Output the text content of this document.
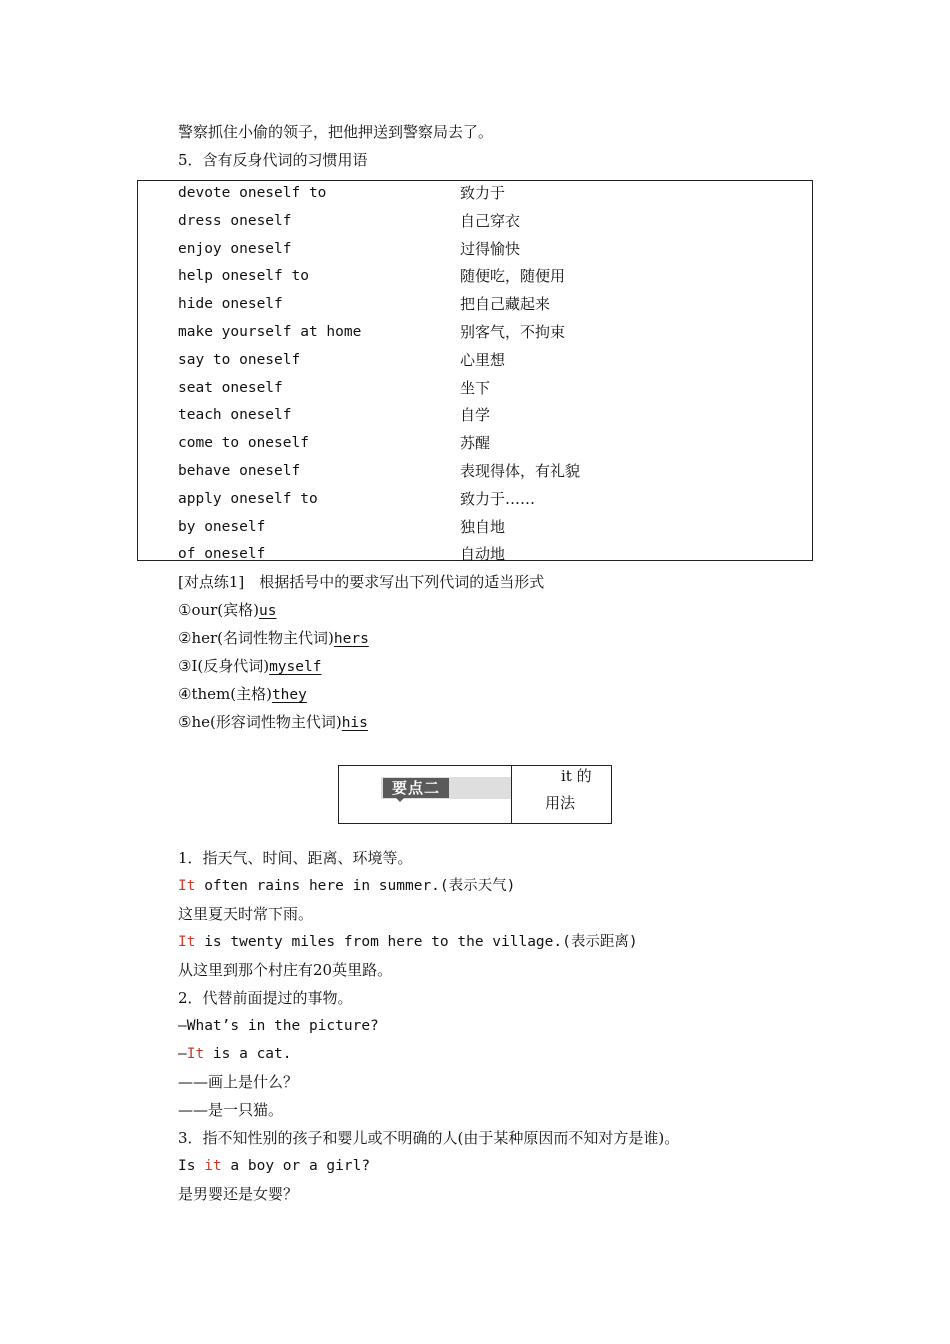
警察抓住小偷的领子，把他押送到警察局去了。
5．含有反身代词的习惯用语
devote oneself to	致力于
dress oneself	自己穿衣
enjoy oneself	过得愉快
help oneself to	随便吃，随便用
hide oneself	把自己藏起来
make yourself at home	别客气，不拘束
say to oneself	心里想
seat oneself	坐下
teach oneself	自学
come to oneself	苏醒
behave oneself	表现得体，有礼貌
apply oneself to	致力于……
by oneself	独自地
of oneself	自动地
[对点练1]　根据括号中的要求写出下列代词的适当形式
①our(宾格)us
②her(名词性物主代词)hers
③I(反身代词)myself
④them(主格)they
⑤he(形容词性物主代词)his
要点二
it 的
用法
1．指天气、时间、距离、环境等。
It often rains here in summer.(表示天气)
这里夏天时常下雨。
It is twenty miles from here to the village.(表示距离)
从这里到那个村庄有20英里路。
2．代替前面提过的事物。
—What’s in the picture?
—It is a cat.
——画上是什么？
——是一只猫。
3．指不知性别的孩子和婴儿或不明确的人(由于某种原因而不知对方是谁)。
Is it a boy or a girl?
是男婴还是女婴？
